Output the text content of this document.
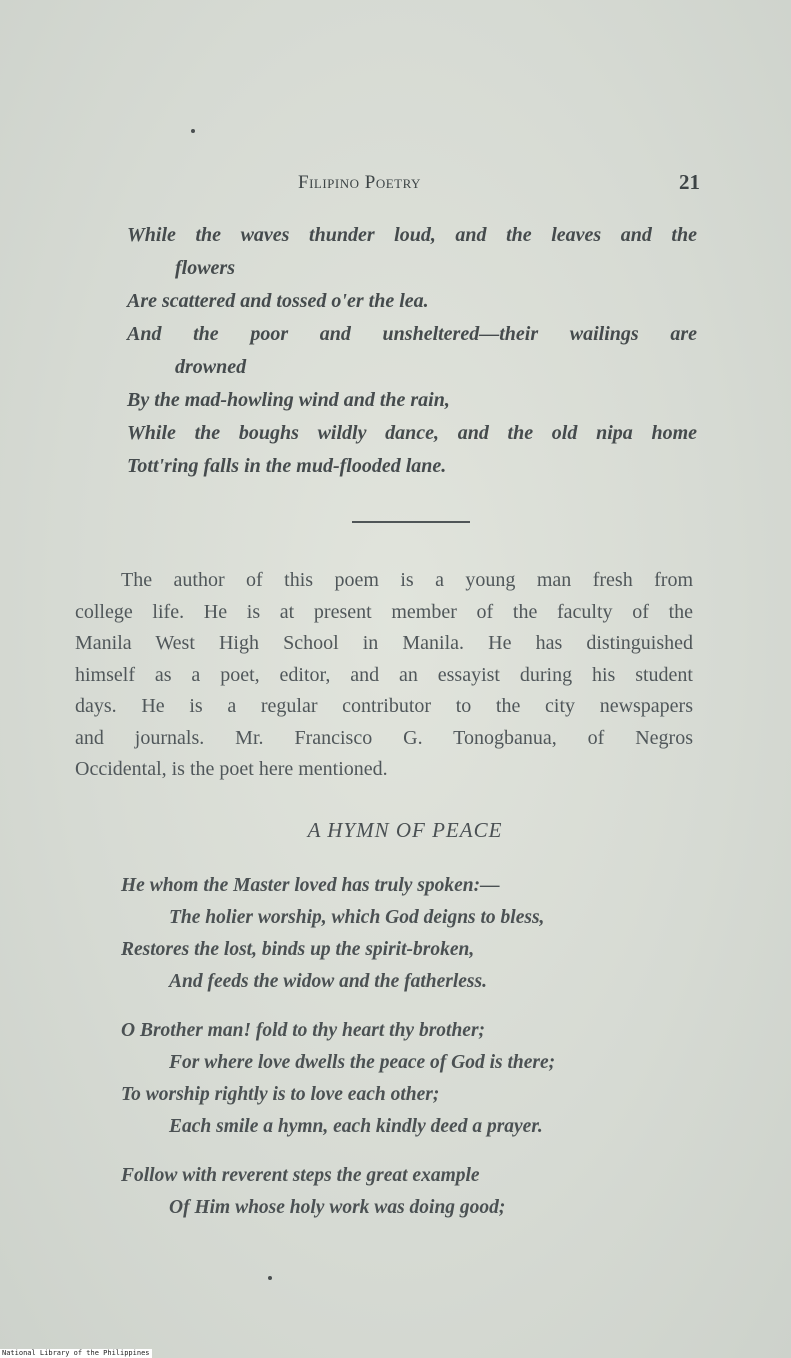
Filipino Poetry	21
While the waves thunder loud, and the leaves and the
flowers
Are scattered and tossed o'er the lea.
And the poor and unsheltered—their wailings are
drowned
By the mad-howling wind and the rain,
While the boughs wildly dance, and the old nipa home
Tott'ring falls in the mud-flooded lane.
The author of this poem is a young man fresh from
college life. He is at present member of the faculty of the
Manila West High School in Manila. He has distinguished
himself as a poet, editor, and an essayist during his student
days. He is a regular contributor to the city newspapers
and journals. Mr. Francisco G. Tonogbanua, of Negros
Occidental, is the poet here mentioned.
A HYMN OF PEACE
He whom the Master loved has truly spoken:—
The holier worship, which God deigns to bless,
Restores the lost, binds up the spirit-broken,
And feeds the widow and the fatherless.
O Brother man! fold to thy heart thy brother;
For where love dwells the peace of God is there;
To worship rightly is to love each other;
Each smile a hymn, each kindly deed a prayer.
Follow with reverent steps the great example
Of Him whose holy work was doing good;
National Library of the Philippines
